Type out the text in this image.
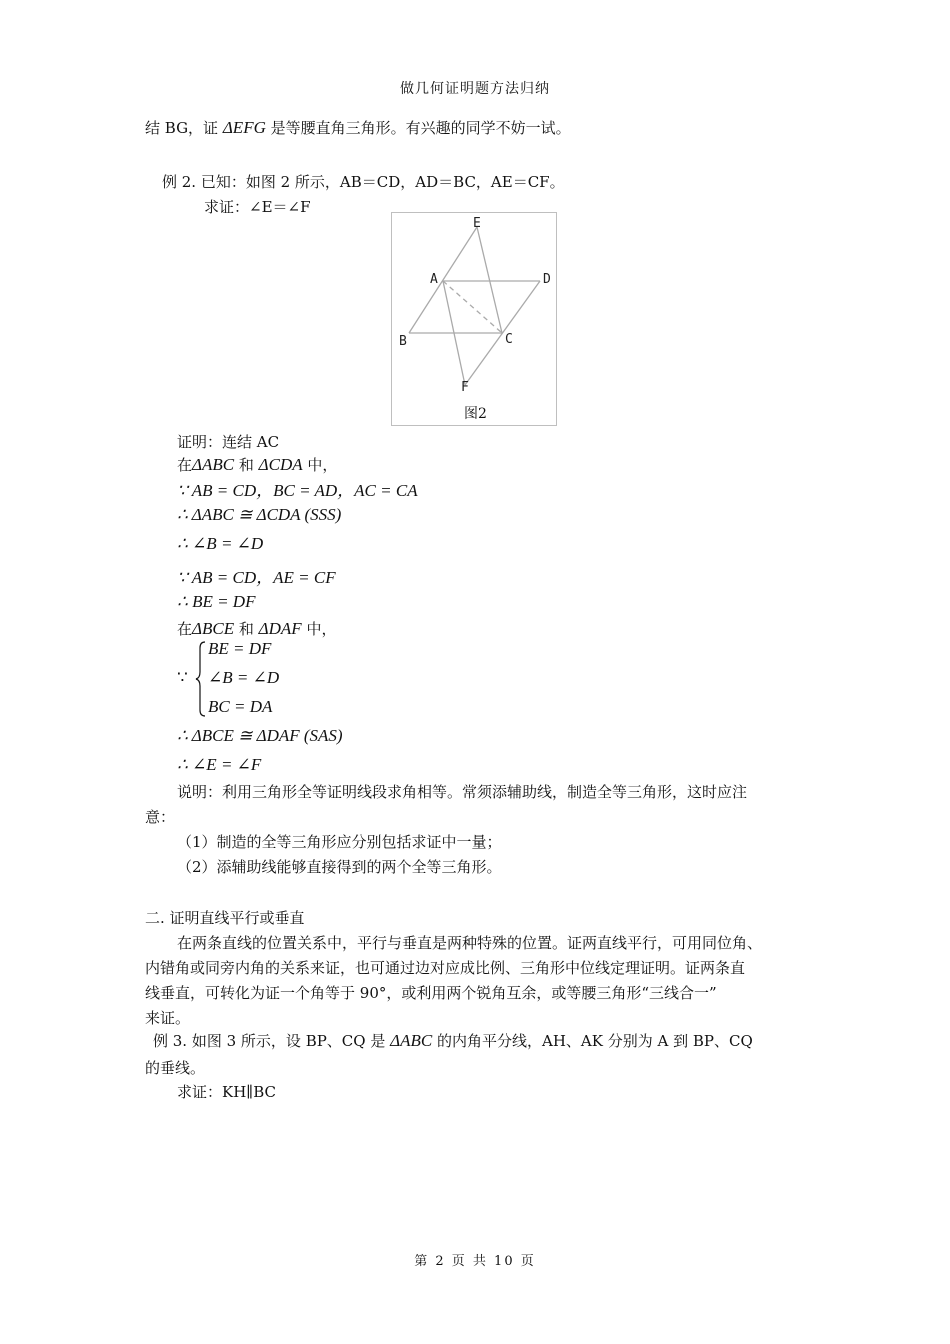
做几何证明题方法归纳
结 BG，证 ΔEFG 是等腰直角三角形。有兴趣的同学不妨一试。
例 2. 已知：如图 2 所示，AB＝CD，AD＝BC，AE＝CF。
求证：∠E＝∠F
E
A	D
B	C
F
图2
证明：连结 AC
在ΔABC 和 ΔCDA 中，
∵ AB = CD，BC = AD，AC = CA
∴ ΔABC ≅ ΔCDA (SSS)
∴ ∠B = ∠D
∵ AB = CD，AE = CF
∴ BE = DF
在ΔBCE 和 ΔDAF 中，
∵
BE = DF
∠B = ∠D
BC = DA
∴ ΔBCE ≅ ΔDAF (SAS)
∴ ∠E = ∠F
说明：利用三角形全等证明线段求角相等。常须添辅助线，制造全等三角形，这时应注
意：
（1）制造的全等三角形应分别包括求证中一量；
（2）添辅助线能够直接得到的两个全等三角形。
二. 证明直线平行或垂直
在两条直线的位置关系中，平行与垂直是两种特殊的位置。证两直线平行，可用同位角、
内错角或同旁内角的关系来证，也可通过边对应成比例、三角形中位线定理证明。证两条直
线垂直，可转化为证一个角等于 90°，或利用两个锐角互余，或等腰三角形“三线合一”
来证。
例 3. 如图 3 所示，设 BP、CQ 是 ΔABC 的内角平分线，AH、AK 分别为 A 到 BP、CQ
的垂线。
求证：KH∥BC
第 2 页 共 10 页
